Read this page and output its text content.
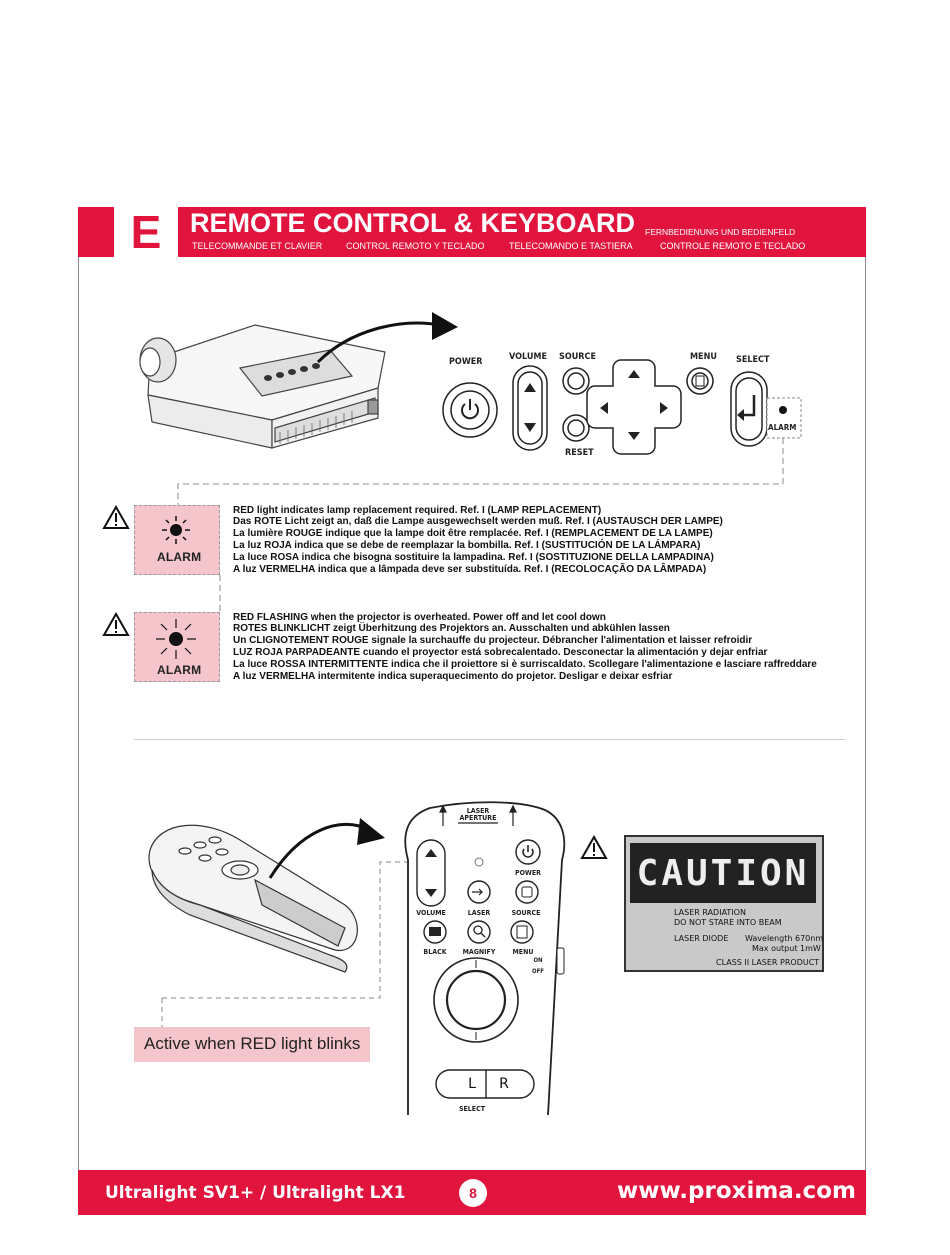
E	REMOTE CONTROL & KEYBOARD FERNBEDIENUNG UND BEDIENFELD
TELECOMMANDE ET CLAVIER	CONTROL REMOTO Y TECLADO	TELECOMANDO E TASTIERA	CONTROLE REMOTO E TECLADO
POWER	VOLUME SOURCE
RESET
MENU SELECT
ALARM
ALARM
RED light indicates lamp replacement required. Ref. I (LAMP REPLACEMENT)
Das ROTE Licht zeigt an, daß die Lampe ausgewechselt werden muß. Ref. I (AUSTAUSCH DER LAMPE)
La lumière ROUGE indique que la lampe doit être remplacée. Ref. I (REMPLACEMENT DE LA LAMPE)
La luz ROJA indica que se debe de reemplazar la bombilla. Ref. I (SUSTITUCIÓN DE LA LÁMPARA)
La luce ROSA indica che bisogna sostituire la lampadina. Ref. I (SOSTITUZIONE DELLA LAMPADINA)
A luz VERMELHA indica que a lâmpada deve ser substituída. Ref. I (RECOLOCAÇÃO DA LÂMPADA)
ALARM
RED FLASHING when the projector is overheated. Power off and let cool down
ROTES BLINKLICHT zeigt Überhitzung des Projektors an. Ausschalten und abkühlen lassen
Un CLIGNOTEMENT ROUGE signale la surchauffe du projecteur. Débrancher l'alimentation et laisser refroidir
LUZ ROJA PARPADEANTE cuando el proyector está sobrecalentado. Desconectar la alimentación y dejar enfriar
La luce ROSSA INTERMITTENTE indica che il proiettore si è surriscaldato. Scollegare l'alimentazione e lasciare raffreddare
A luz VERMELHA intermitente indica superaquecimento do projetor. Desligar e deixar esfriar
LASER
APERTURE
POWER
VOLUME	LASER	SOURCE
BLACK	MAGNIFY	MENU
ON
OFF
L	R
SELECT
Active when RED light blinks
CAUTION
LASER RADIATION
DO NOT STARE INTO BEAM
LASER DIODE Wavelength 670nm
Max output 1mW
CLASS II LASER PRODUCT
Ultralight SV1+ / Ultralight LX1	8	www.proxima.com
